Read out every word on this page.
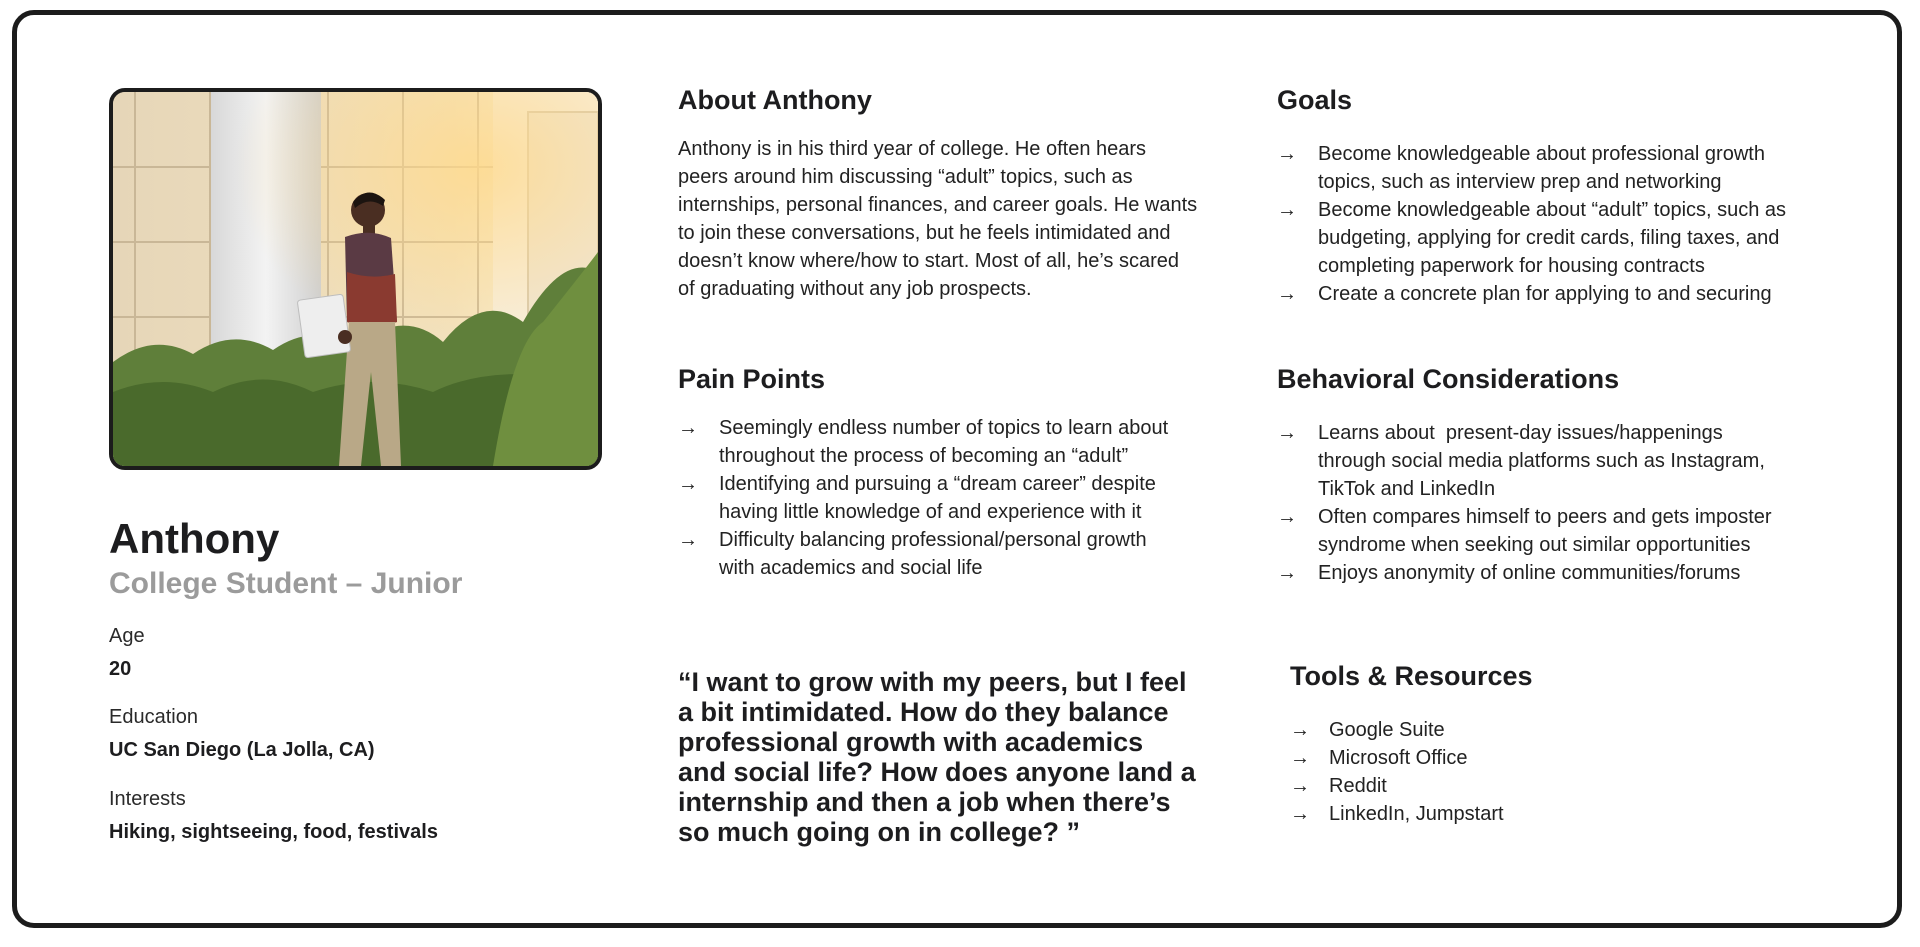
Anthony
College Student – Junior
Age
20
Education
UC San Diego (La Jolla, CA)
Interests
Hiking, sightseeing, food, festivals
About Anthony
Anthony is in his third year of college. He often hears
peers around him discussing “adult” topics, such as
internships, personal finances, and career goals. He wants
to join these conversations, but he feels intimidated and
doesn’t know where/how to start. Most of all, he’s scared
of graduating without any job prospects.
Goals
→ Become knowledgeable about professional growth
topics, such as interview prep and networking
→ Become knowledgeable about “adult” topics, such as
budgeting, applying for credit cards, filing taxes, and
completing paperwork for housing contracts
→ Create a concrete plan for applying to and securing
Pain Points
→ Seemingly endless number of topics to learn about
throughout the process of becoming an “adult”
→ Identifying and pursuing a “dream career” despite
having little knowledge of and experience with it
→ Difficulty balancing professional/personal growth
with academics and social life
Behavioral Considerations
→ Learns about  present-day issues/happenings
through social media platforms such as Instagram,
TikTok and LinkedIn
→ Often compares himself to peers and gets imposter
syndrome when seeking out similar opportunities
→ Enjoys anonymity of online communities/forums
“I want to grow with my peers, but I feel
a bit intimidated. How do they balance
professional growth with academics
and social life? How does anyone land a
internship and then a job when there’s
so much going on in college? ”
Tools & Resources
→ Google Suite
→ Microsoft Office
→ Reddit
→ LinkedIn, Jumpstart
